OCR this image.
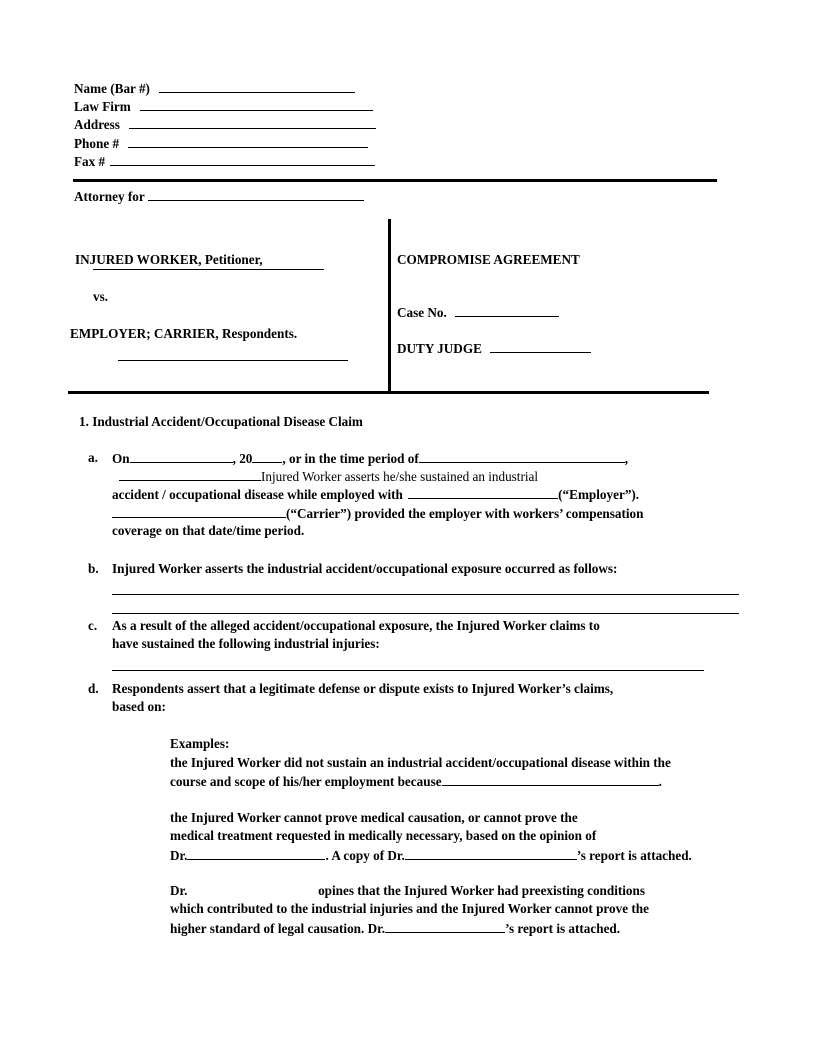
Name (Bar #)
Law Firm
Address
Phone #
Fax #
Attorney for
INJURED WORKER, Petitioner,
vs.
EMPLOYER; CARRIER, Respondents.
COMPROMISE AGREEMENT
Case No.
DUTY JUDGE
1. Industrial Accident/Occupational Disease Claim
a. On	, 20 , or in the time period of	,
Injured Worker asserts he/she sustained an industrial
accident / occupational disease while employed with	(“Employer”).
(“Carrier”) provided the employer with workers’ compensation
coverage on that date/time period.
b. Injured Worker asserts the industrial accident/occupational exposure occurred as follows:
c. As a result of the alleged accident/occupational exposure, the Injured Worker claims to
have sustained the following industrial injuries:
d. Respondents assert that a legitimate defense or dispute exists to Injured Worker’s claims,
based on:
Examples:
the Injured Worker did not sustain an industrial accident/occupational disease within the
course and scope of his/her employment because	.
the Injured Worker cannot prove medical causation, or cannot prove the
medical treatment requested in medically necessary, based on the opinion of
Dr.	. A copy of Dr.	’s report is attached.
Dr.	opines that the Injured Worker had preexisting conditions
which contributed to the industrial injuries and the Injured Worker cannot prove the
higher standard of legal causation. Dr.	’s report is attached.
